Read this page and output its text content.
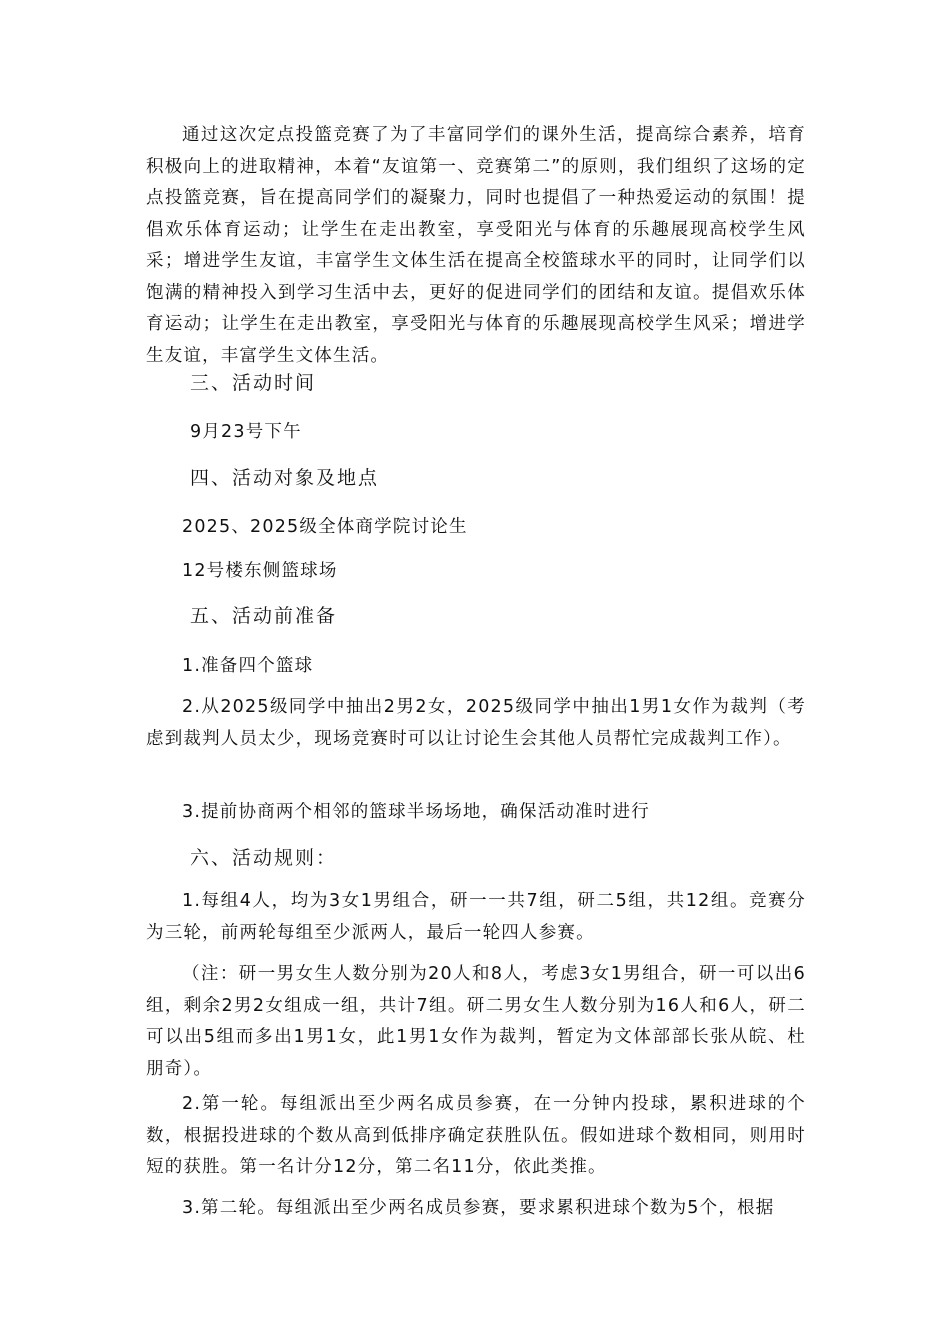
通过这次定点投篮竞赛了为了丰富同学们的课外生活，提高综合素养，培育积极向上的进取精神，本着“友谊第一、竞赛第二”的原则，我们组织了这场的定点投篮竞赛，旨在提高同学们的凝聚力，同时也提倡了一种热爱运动的氛围！提倡欢乐体育运动；让学生在走出教室，享受阳光与体育的乐趣展现高校学生风采；增进学生友谊，丰富学生文体生活在提高全校篮球水平的同时，让同学们以饱满的精神投入到学习生活中去，更好的促进同学们的团结和友谊。提倡欢乐体育运动；让学生在走出教室，享受阳光与体育的乐趣展现高校学生风采；增进学生友谊，丰富学生文体生活。

三、活动时间

9月23号下午

四、活动对象及地点

2025、2025级全体商学院讨论生

12号楼东侧篮球场

五、活动前准备

1.准备四个篮球

2.从2025级同学中抽出2男2女，2025级同学中抽出1男1女作为裁判（考虑到裁判人员太少，现场竞赛时可以让讨论生会其他人员帮忙完成裁判工作）。

3.提前协商两个相邻的篮球半场场地，确保活动准时进行

六、活动规则：

1.每组4人，均为3女1男组合，研一一共7组，研二5组，共12组。竞赛分为三轮，前两轮每组至少派两人，最后一轮四人参赛。

（注：研一男女生人数分别为20人和8人，考虑3女1男组合，研一可以出6组，剩余2男2女组成一组，共计7组。研二男女生人数分别为16人和6人，研二可以出5组而多出1男1女，此1男1女作为裁判，暂定为文体部部长张从皖、杜朋奇）。

2.第一轮。每组派出至少两名成员参赛，在一分钟内投球，累积进球的个数，根据投进球的个数从高到低排序确定获胜队伍。假如进球个数相同，则用时短的获胜。第一名计分12分，第二名11分，依此类推。

3.第二轮。每组派出至少两名成员参赛，要求累积进球个数为5个，根据
